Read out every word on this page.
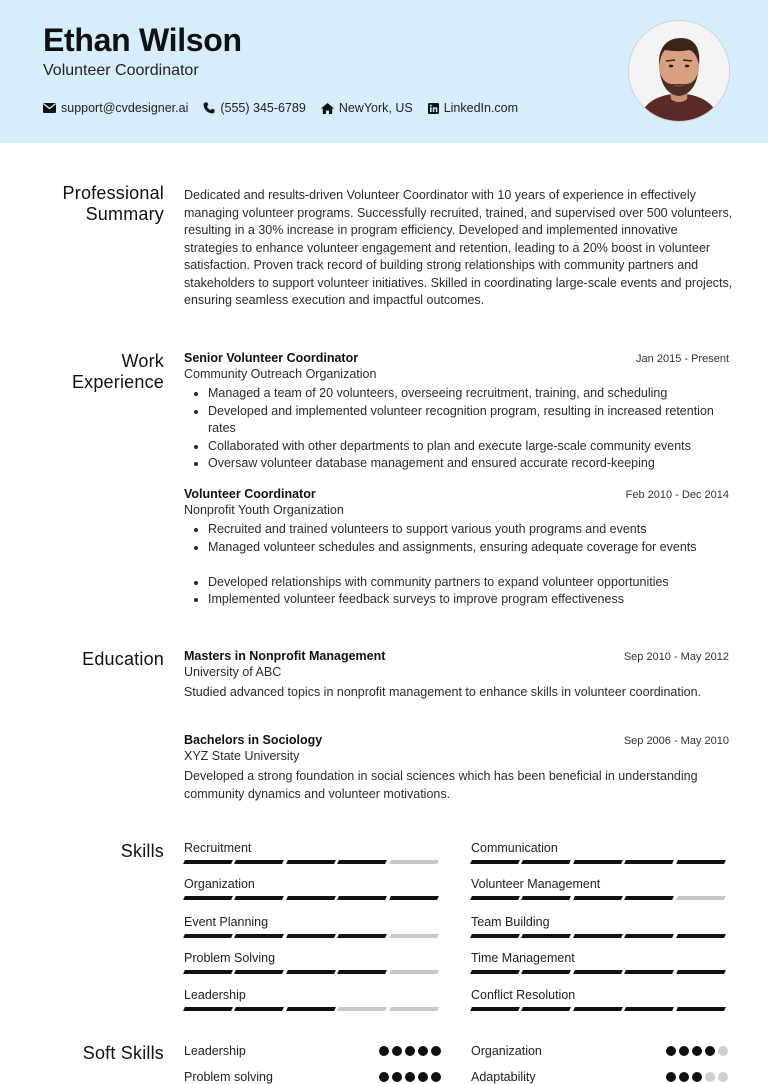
Ethan Wilson
Volunteer Coordinator
support@cvdesigner.ai	(555) 345-6789	NewYork, US LinkedIn.com
Professional Summary
Dedicated and results-driven Volunteer Coordinator with 10 years of experience in effectively managing volunteer programs. Successfully recruited, trained, and supervised over 500 volunteers, resulting in a 30% increase in program efficiency. Developed and implemented innovative strategies to enhance volunteer engagement and retention, leading to a 20% boost in volunteer satisfaction. Proven track record of building strong relationships with community partners and stakeholders to support volunteer initiatives. Skilled in coordinating large-scale events and projects, ensuring seamless execution and impactful outcomes.
Work Experience
Senior Volunteer Coordinator	Jan 2015 - Present
Community Outreach Organization
• Managed a team of 20 volunteers, overseeing recruitment, training, and scheduling
• Developed and implemented volunteer recognition program, resulting in increased retention rates
• Collaborated with other departments to plan and execute large-scale community events
• Oversaw volunteer database management and ensured accurate record-keeping
Volunteer Coordinator	Feb 2010 - Dec 2014
Nonprofit Youth Organization
• Recruited and trained volunteers to support various youth programs and events
• Managed volunteer schedules and assignments, ensuring adequate coverage for events
• Developed relationships with community partners to expand volunteer opportunities
• Implemented volunteer feedback surveys to improve program effectiveness
Education Masters in Nonprofit Management	Sep 2010 - May 2012
University of ABC
Studied advanced topics in nonprofit management to enhance skills in volunteer coordination.
Bachelors in Sociology	Sep 2006 - May 2010
XYZ State University
Developed a strong foundation in social sciences which has been beneficial in understanding community dynamics and volunteer motivations.
Skills Recruitment	Communication
Organization	Volunteer Management
Event Planning	Team Building
Problem Solving	Time Management
Leadership	Conflict Resolution
Soft Skills Leadership	Organization
Problem solving	Adaptability
